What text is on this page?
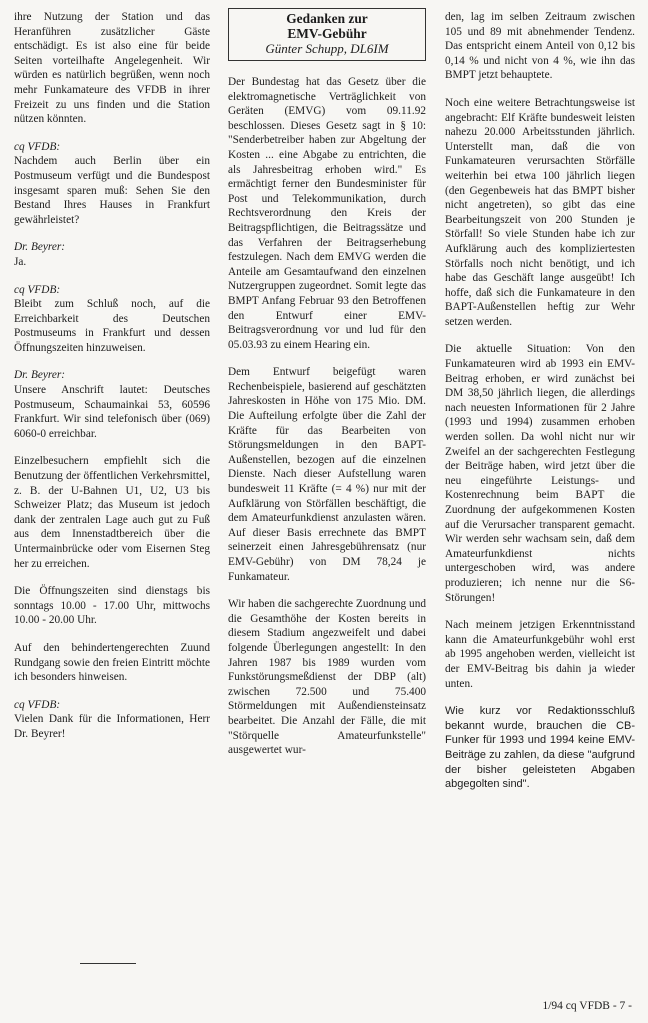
ihre Nutzung der Station und das Heranführen zusätzlicher Gäste entschädigt. Es ist also eine für beide Seiten vorteilhafte Angelegenheit. Wir würden es natürlich begrüßen, wenn noch mehr Funkamateure des VFDB in ihrer Freizeit zu uns finden und die Station nützen könnten.

cq VFDB:
Nachdem auch Berlin über ein Postmuseum verfügt und die Bundespost insgesamt sparen muß: Sehen Sie den Bestand Ihres Hauses in Frankfurt gewährleistet?

Dr. Beyrer:
Ja.

cq VFDB:
Bleibt zum Schluß noch, auf die Erreichbarkeit des Deutschen Postmuseums in Frankfurt und dessen Öffnungszeiten hinzuweisen.

Dr. Beyrer:
Unsere Anschrift lautet: Deutsches Postmuseum, Schaumainkai 53, 60596 Frankfurt. Wir sind telefonisch über (069) 6060-0 erreichbar.

Einzelbesuchern empfiehlt sich die Benutzung der öffentlichen Verkehrsmittel, z. B. der U-Bahnen U1, U2, U3 bis Schweizer Platz; das Museum ist jedoch dank der zentralen Lage auch gut zu Fuß aus dem Innenstadtbereich über die Untermainbrücke oder vom Eisernen Steg her zu erreichen.

Die Öffnungszeiten sind dienstags bis sonntags 10.00 - 17.00 Uhr, mittwochs 10.00 - 20.00 Uhr.

Auf den behindertengerechten Zuund Rundgang sowie den freien Eintritt möchte ich besonders hinweisen.

cq VFDB:
Vielen Dank für die Informationen, Herr Dr. Beyrer!

Gedanken zur
EMV-Gebühr
Günter Schupp, DL6IM

Der Bundestag hat das Gesetz über die elektromagnetische Verträglichkeit von Geräten (EMVG) vom 09.11.92 beschlossen. Dieses Gesetz sagt in § 10: "Senderbetreiber haben zur Abgeltung der Kosten ... eine Abgabe zu entrichten, die als Jahresbeitrag erhoben wird." Es ermächtigt ferner den Bundesminister für Post und Telekommunikation, durch Rechtsverordnung den Kreis der Beitragspflichtigen, die Beitragssätze und das Verfahren der Beitragserhebung festzulegen. Nach dem EMVG werden die Anteile am Gesamtaufwand den einzelnen Nutzergruppen zugeordnet. Somit legte das BMPT Anfang Februar 93 den Betroffenen den Entwurf einer EMV-Beitragsverordnung vor und lud für den 05.03.93 zu einem Hearing ein.

Dem Entwurf beigefügt waren Rechenbeispiele, basierend auf geschätzten Jahreskosten in Höhe von 175 Mio. DM. Die Aufteilung erfolgte über die Zahl der Kräfte für das Bearbeiten von Störungsmeldungen in den BAPT-Außenstellen, bezogen auf die einzelnen Dienste. Nach dieser Aufstellung waren bundesweit 11 Kräfte (= 4 %) nur mit der Aufklärung von Störfällen beschäftigt, die dem Amateurfunkdienst anzulasten wären. Auf dieser Basis errechnete das BMPT seinerzeit einen Jahresgebührensatz (nur EMV-Gebühr) von DM 78,24 je Funkamateur.

Wir haben die sachgerechte Zuordnung und die Gesamthöhe der Kosten bereits in diesem Stadium angezweifelt und dabei folgende Überlegungen angestellt: In den Jahren 1987 bis 1989 wurden vom Funkstörungsmeßdienst der DBP (alt) zwischen 72.500 und 75.400 Störmeldungen mit Außendiensteinsatz bearbeitet. Die Anzahl der Fälle, die mit "Störquelle Amateurfunkstelle" ausgewertet wur-

den, lag im selben Zeitraum zwischen 105 und 89 mit abnehmender Tendenz. Das entspricht einem Anteil von 0,12 bis 0,14 % und nicht von 4 %, wie ihn das BMPT jetzt behauptete.

Noch eine weitere Betrachtungsweise ist angebracht: Elf Kräfte bundesweit leisten nahezu 20.000 Arbeitsstunden jährlich. Unterstellt man, daß die von Funkamateuren verursachten Störfälle weiterhin bei etwa 100 jährlich liegen (den Gegenbeweis hat das BMPT bisher nicht angetreten), so gibt das eine Bearbeitungszeit von 200 Stunden je Störfall! So viele Stunden habe ich zur Aufklärung auch des kompliziertesten Störfalls noch nicht benötigt, und ich habe das Geschäft lange ausgeübt! Ich hoffe, daß sich die Funkamateure in den BAPT-Außenstellen heftig zur Wehr setzen werden.

Die aktuelle Situation: Von den Funkamateuren wird ab 1993 ein EMV-Beitrag erhoben, er wird zunächst bei DM 38,50 jährlich liegen, die allerdings nach neuesten Informationen für 2 Jahre (1993 und 1994) zusammen erhoben werden sollen. Da wohl nicht nur wir Zweifel an der sachgerechten Festlegung der Beiträge haben, wird jetzt über die neu eingeführte Leistungs- und Kostenrechnung beim BAPT die Zuordnung der aufgekommenen Kosten auf die Verursacher transparent gemacht. Wir werden sehr wachsam sein, daß dem Amateurfunkdienst nichts untergeschoben wird, was andere produzieren; ich nenne nur die S6-Störungen!

Nach meinem jetzigen Erkenntnisstand kann die Amateurfunkgebühr wohl erst ab 1995 angehoben werden, vielleicht ist der EMV-Beitrag bis dahin ja wieder unten.

Wie kurz vor Redaktionsschluß bekannt wurde, brauchen die CB-Funker für 1993 und 1994 keine EMV-Beiträge zu zahlen, da diese "aufgrund der bisher geleisteten Abgaben abgegolten sind".

1/94 cq VFDB - 7 -
